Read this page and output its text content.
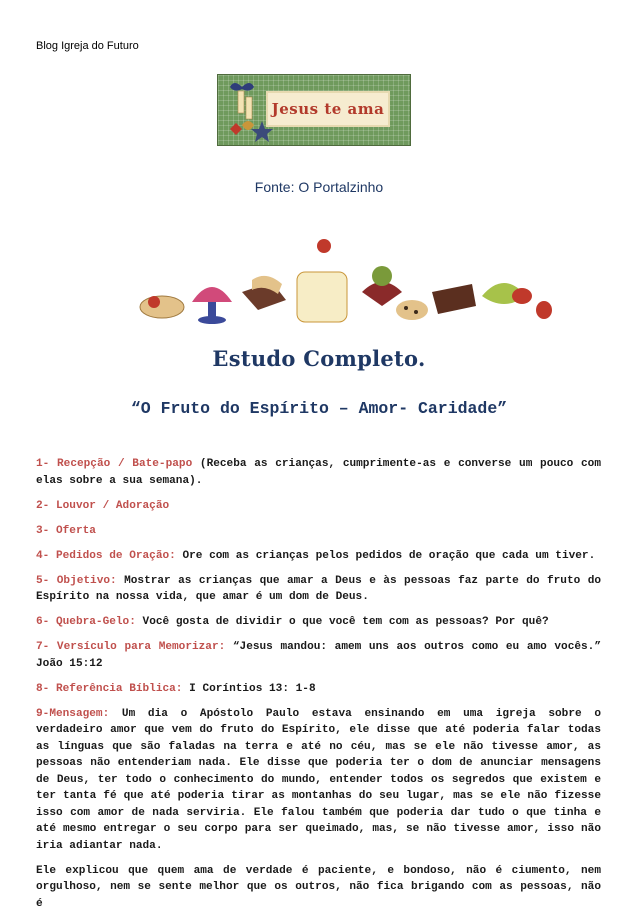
Blog Igreja do Futuro
Jesus te ama
Fonte: O Portalzinho
Estudo Completo.
“O Fruto do Espírito – Amor- Caridade”

1- Recepção / Bate-papo (Receba as crianças, cumprimente-as e converse um pouco com elas sobre a sua semana).

2- Louvor / Adoração

3- Oferta

4- Pedidos de Oração: Ore com as crianças pelos pedidos de oração que cada um tiver.

5- Objetivo: Mostrar as crianças que amar a Deus e às pessoas faz parte do fruto do Espírito na nossa vida, que amar é um dom de Deus.

6- Quebra-Gelo: Você gosta de dividir o que você tem com as pessoas? Por quê?

7- Versículo para Memorizar: “Jesus mandou: amem uns aos outros como eu amo vocês.” João 15:12

8- Referência Bíblica: I Coríntios 13: 1-8

9-Mensagem: Um dia o Apóstolo Paulo estava ensinando em uma igreja sobre o verdadeiro amor que vem do fruto do Espírito, ele disse que até poderia falar todas as línguas que são faladas na terra e até no céu, mas se ele não tivesse amor, as pessoas não entenderiam nada. Ele disse que poderia ter o dom de anunciar mensagens de Deus, ter todo o conhecimento do mundo, entender todos os segredos que existem e ter tanta fé que até poderia tirar as montanhas do seu lugar, mas se ele não fizesse isso com amor de nada serviria. Ele falou também que poderia dar tudo o que tinha e até mesmo entregar o seu corpo para ser queimado, mas, se não tivesse amor, isso não iria adiantar nada.

Ele explicou que quem ama de verdade é paciente, e bondoso, não é ciumento, nem orgulhoso, nem se sente melhor que os outros, não fica brigando com as pessoas, não é
